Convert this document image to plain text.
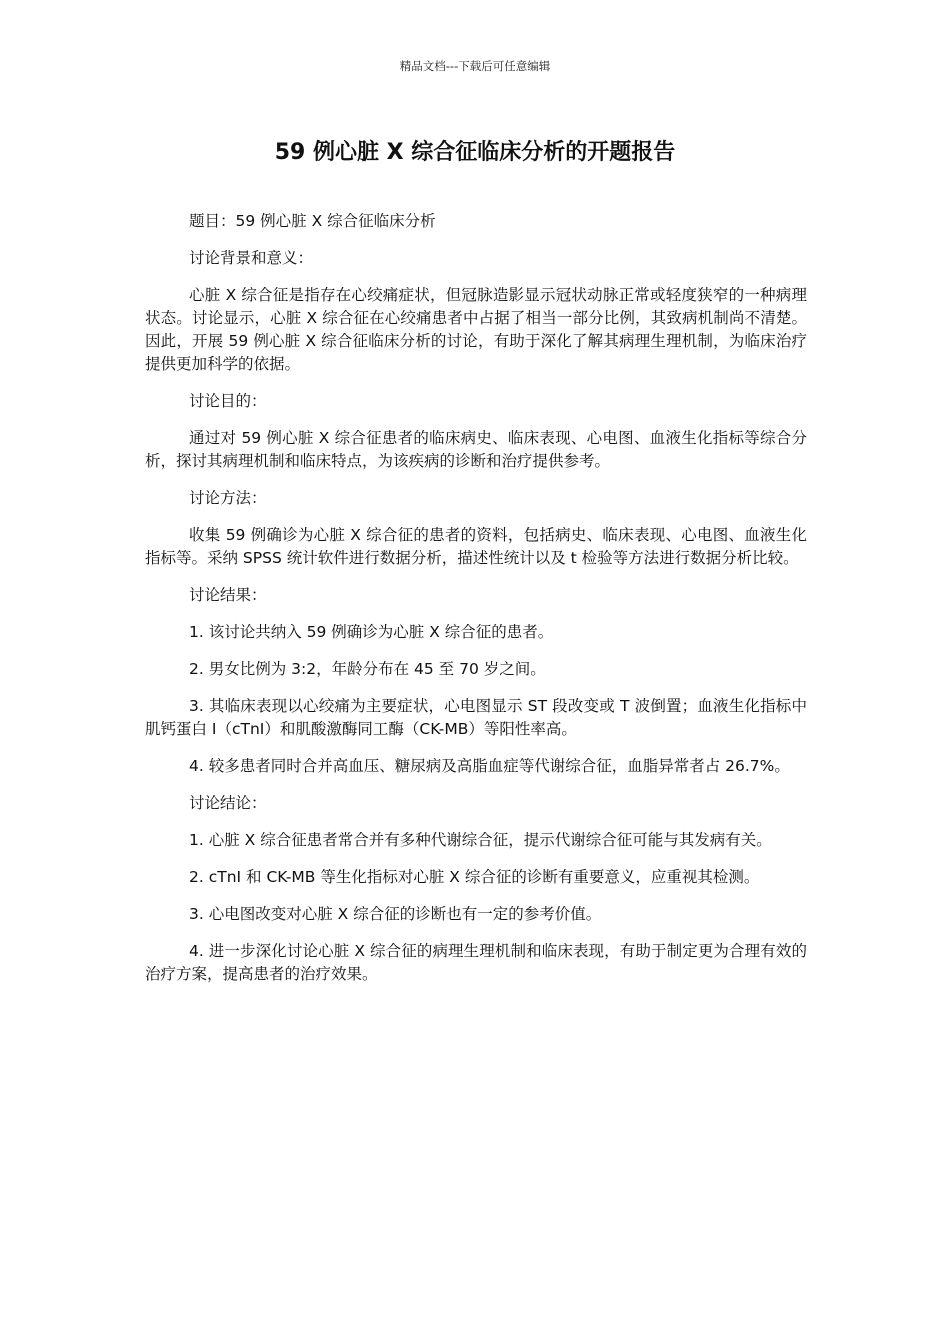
精品文档---下载后可任意编辑
59 例心脏 X 综合征临床分析的开题报告

题目：59 例心脏 X 综合征临床分析

讨论背景和意义：

心脏 X 综合征是指存在心绞痛症状，但冠脉造影显示冠状动脉正常或轻度狭窄的一种病理状态。讨论显示，心脏 X 综合征在心绞痛患者中占据了相当一部分比例，其致病机制尚不清楚。因此，开展 59 例心脏 X 综合征临床分析的讨论，有助于深化了解其病理生理机制，为临床治疗提供更加科学的依据。

讨论目的：

通过对 59 例心脏 X 综合征患者的临床病史、临床表现、心电图、血液生化指标等综合分析，探讨其病理机制和临床特点，为该疾病的诊断和治疗提供参考。

讨论方法：

收集 59 例确诊为心脏 X 综合征的患者的资料，包括病史、临床表现、心电图、血液生化指标等。采纳 SPSS 统计软件进行数据分析，描述性统计以及 t 检验等方法进行数据分析比较。

讨论结果：

1. 该讨论共纳入 59 例确诊为心脏 X 综合征的患者。

2. 男女比例为 3:2，年龄分布在 45 至 70 岁之间。

3. 其临床表现以心绞痛为主要症状，心电图显示 ST 段改变或 T 波倒置；血液生化指标中肌钙蛋白 I（cTnI）和肌酸激酶同工酶（CK-MB）等阳性率高。

4. 较多患者同时合并高血压、糖尿病及高脂血症等代谢综合征，血脂异常者占 26.7%。

讨论结论：

1. 心脏 X 综合征患者常合并有多种代谢综合征，提示代谢综合征可能与其发病有关。

2. cTnI 和 CK-MB 等生化指标对心脏 X 综合征的诊断有重要意义，应重视其检测。

3. 心电图改变对心脏 X 综合征的诊断也有一定的参考价值。

4. 进一步深化讨论心脏 X 综合征的病理生理机制和临床表现，有助于制定更为合理有效的治疗方案，提高患者的治疗效果。
